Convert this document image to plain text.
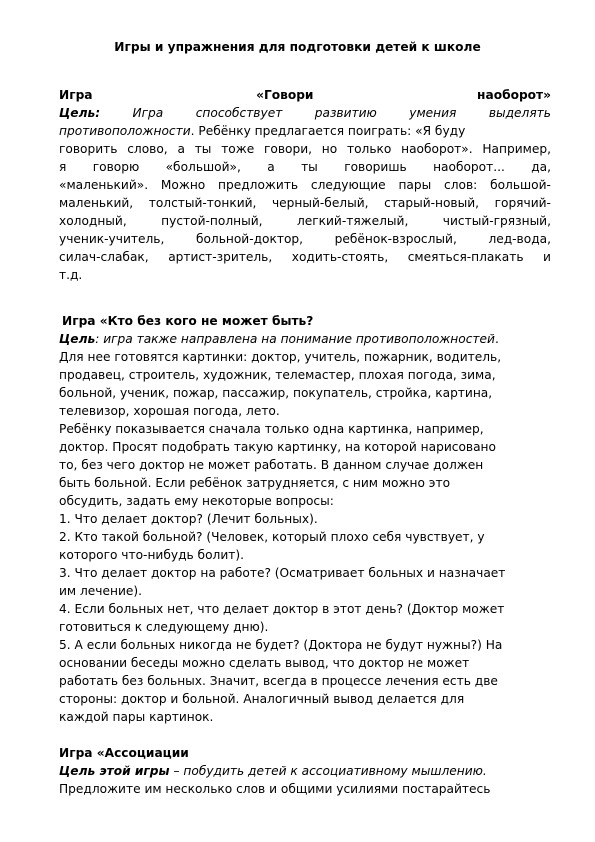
Игры и упражнения для подготовки детей к школе
Игра	«Говори	наоборот»
Цель:	Игра	способствует	развитию	умения	выделять
противоположности. Ребёнку предлагается поиграть: «Я буду
говорить слово, а ты тоже говори, но только наоборот». Например,
я говорю «большой», а ты говоришь наоборот... да,
«маленький». Можно предложить следующие пары слов: большой-
маленький, толстый-тонкий, черный-белый, старый-новый, горячий-
холодный,	пустой-полный,	легкий-тяжелый,	чистый-грязный,
ученик-учитель,	больной-доктор,	ребёнок-взрослый,	лед-вода,
силач-слабак, артист-зритель, ходить-стоять, смеяться-плакать и
т.д.
Игра «Кто без кого не может быть?
Цель: игра также направлена на понимание противоположностей.
Для нее готовятся картинки: доктор, учитель, пожарник, водитель,
продавец, строитель, художник, телемастер, плохая погода, зима,
больной, ученик, пожар, пассажир, покупатель, стройка, картина,
телевизор, хорошая погода, лето.
Ребёнку показывается сначала только одна картинка, например,
доктор. Просят подобрать такую картинку, на которой нарисовано
то, без чего доктор не может работать. В данном случае должен
быть больной. Если ребёнок затрудняется, с ним можно это
обсудить, задать ему некоторые вопросы:
1. Что делает доктор? (Лечит больных).
2. Кто такой больной? (Человек, который плохо себя чувствует, у
которого что-нибудь болит).
3. Что делает доктор на работе? (Осматривает больных и назначает
им лечение).
4. Если больных нет, что делает доктор в этот день? (Доктор может
готовиться к следующему дню).
5. А если больных никогда не будет? (Доктора не будут нужны?) На
основании беседы можно сделать вывод, что доктор не может
работать без больных. Значит, всегда в процессе лечения есть две
стороны: доктор и больной. Аналогичный вывод делается для
каждой пары картинок.
Игра «Ассоциации
Цель этой игры – побудить детей к ассоциативному мышлению.
Предложите им несколько слов и общими усилиями постарайтесь
